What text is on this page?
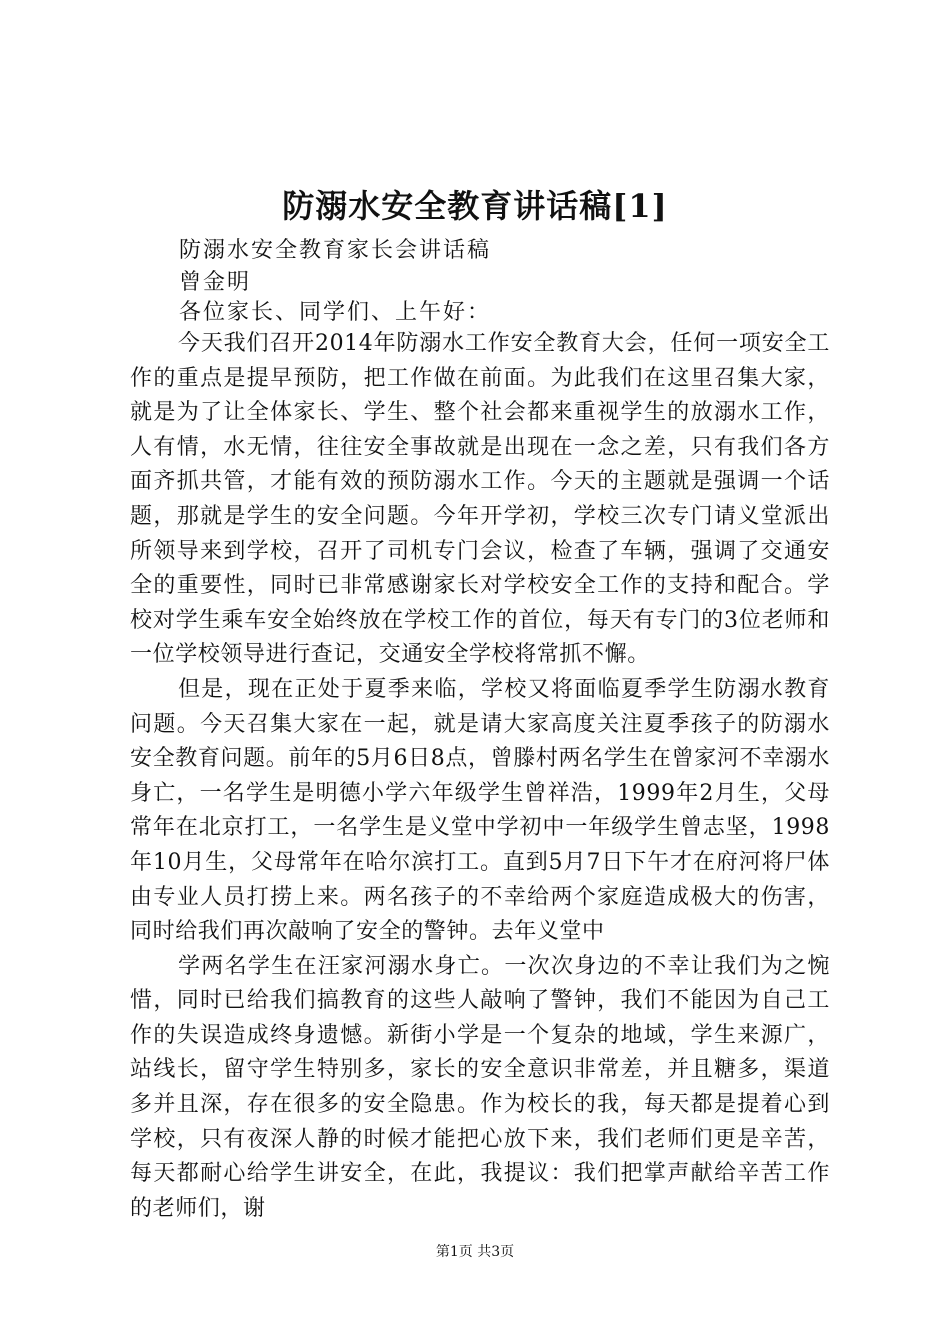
防溺水安全教育讲话稿[1]

防溺水安全教育家长会讲话稿

曾金明

各位家长、同学们、上午好：

今天我们召开2014年防溺水工作安全教育大会，任何一项安全工作的重点是提早预防，把工作做在前面。为此我们在这里召集大家，就是为了让全体家长、学生、整个社会都来重视学生的放溺水工作，人有情，水无情，往往安全事故就是出现在一念之差，只有我们各方面齐抓共管，才能有效的预防溺水工作。今天的主题就是强调一个话题，那就是学生的安全问题。今年开学初，学校三次专门请义堂派出所领导来到学校，召开了司机专门会议，检查了车辆，强调了交通安全的重要性，同时已非常感谢家长对学校安全工作的支持和配合。学校对学生乘车安全始终放在学校工作的首位，每天有专门的3位老师和一位学校领导进行查记，交通安全学校将常抓不懈。

但是，现在正处于夏季来临，学校又将面临夏季学生防溺水教育问题。今天召集大家在一起，就是请大家高度关注夏季孩子的防溺水安全教育问题。前年的5月6日8点，曾滕村两名学生在曾家河不幸溺水身亡，一名学生是明德小学六年级学生曾祥浩，1999年2月生，父母常年在北京打工，一名学生是义堂中学初中一年级学生曾志坚，1998年10月生，父母常年在哈尔滨打工。直到5月7日下午才在府河将尸体由专业人员打捞上来。两名孩子的不幸给两个家庭造成极大的伤害，同时给我们再次敲响了安全的警钟。去年义堂中

学两名学生在汪家河溺水身亡。一次次身边的不幸让我们为之惋惜，同时已给我们搞教育的这些人敲响了警钟，我们不能因为自己工作的失误造成终身遗憾。新街小学是一个复杂的地域，学生来源广，站线长，留守学生特别多，家长的安全意识非常差，并且糖多，渠道多并且深，存在很多的安全隐患。作为校长的我，每天都是提着心到学校，只有夜深人静的时候才能把心放下来，我们老师们更是辛苦，每天都耐心给学生讲安全，在此，我提议：我们把掌声献给辛苦工作的老师们，谢

第1页 共3页
